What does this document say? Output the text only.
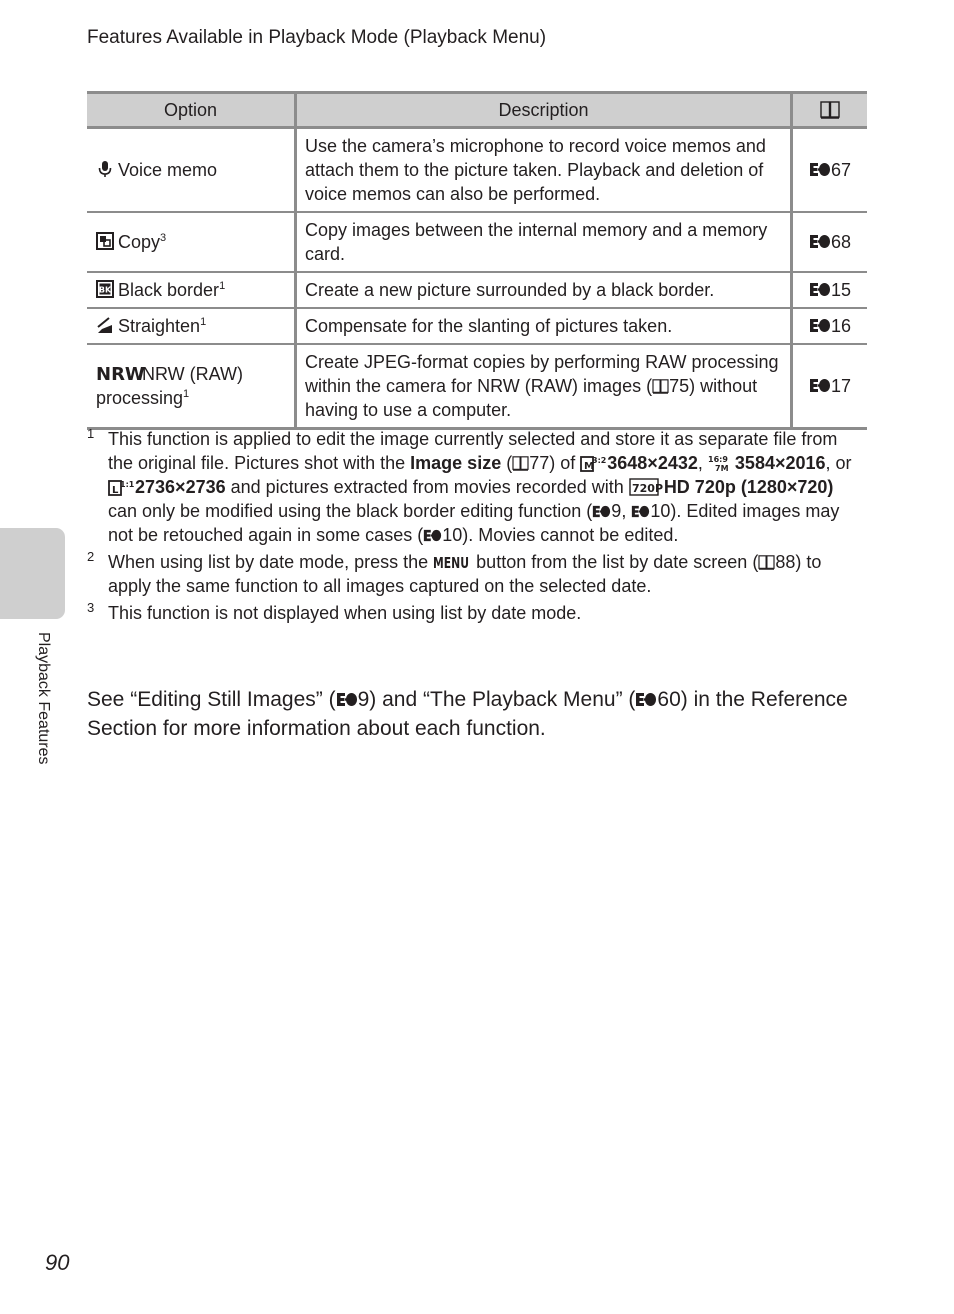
Features Available in Playback Mode (Playback Menu)
Option	Description	
Voice memo	Use the camera’s microphone to record voice memos and attach them to the picture taken. Playback and deletion of voice memos can also be performed.	67
Copy$^3$	Copy images between the internal memory and a memory card.	68

BK Black border$^1$	Create a new picture surrounded by a black border.	15
Straighten$^1$	Compensate for the slanting of pictures taken.	16

NRW
NRW (RAW) processing$^1$	Create JPEG-format copies by performing RAW processing within the camera for NRW (RAW) images ( 75) without having to use a computer.	17
1 This function is applied to edit the image currently selected and store it as separate file from the original file. Pictures shot with the Image size ( 77) of M
3:2 3648×2432, 16:9
7M 3584×2016, or
L
1:1 2736×2736 and pictures extracted from movies recorded with 720P HD 720p (1280×720) can only be modified using the black border editing function ( 9, 10). Edited images may not be retouched again in some cases ( 10). Movies cannot be edited.
2 When using list by date mode, press the MENU button from the list by date screen ( 88) to apply the same function to all images captured on the selected date.
3 This function is not displayed when using list by date mode.
See “Editing Still Images” ( 9) and “The Playback Menu” ( 60) in the Reference Section for more information about each function.
Playback Features
90
